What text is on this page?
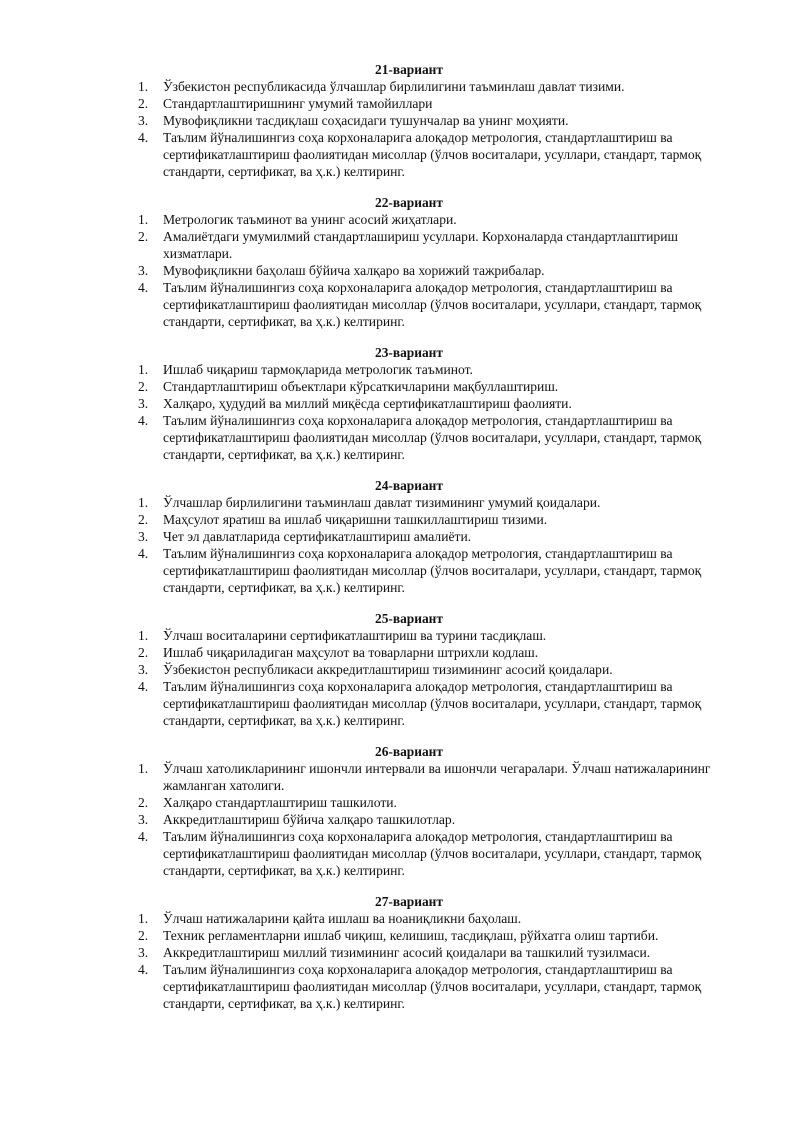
21-вариант
1. Ўзбекистон республикасида ўлчашлар бирлилигини таъминлаш давлат тизими.
2. Стандартлаштиришнинг умумий тамойиллари
3. Мувофиқликни тасдиқлаш соҳасидаги тушунчалар ва унинг моҳияти.
4. Таълим йўналишингиз соҳа корхоналарига алоқадор метрология, стандартлаштириш ва сертификатлаштириш фаолиятидан мисоллар (ўлчов воситалари, усуллари, стандарт, тармоқ стандарти, сертификат, ва ҳ.к.) келтиринг.
22-вариант
1. Метрологик таъминот ва унинг асосий жиҳатлари.
2. Амалиётдаги умумилмий стандартлашириш усуллари. Корхоналарда стандартлаштириш хизматлари.
3. Мувофиқликни баҳолаш бўйича халқаро ва хорижий тажрибалар.
4. Таълим йўналишингиз соҳа корхоналарига алоқадор метрология, стандартлаштириш ва сертификатлаштириш фаолиятидан мисоллар (ўлчов воситалари, усуллари, стандарт, тармоқ стандарти, сертификат, ва ҳ.к.) келтиринг.
23-вариант
1. Ишлаб чиқариш тармоқларида метрологик таъминот.
2. Стандартлаштириш объектлари кўрсаткичларини мақбуллаштириш.
3. Халқаро, ҳудудий ва миллий миқёсда сертификатлаштириш фаолияти.
4. Таълим йўналишингиз соҳа корхоналарига алоқадор метрология, стандартлаштириш ва сертификатлаштириш фаолиятидан мисоллар (ўлчов воситалари, усуллари, стандарт, тармоқ стандарти, сертификат, ва ҳ.к.) келтиринг.
24-вариант
1. Ўлчашлар бирлилигини таъминлаш давлат тизимининг умумий қоидалари.
2. Маҳсулот яратиш ва ишлаб чиқаришни ташкиллаштириш тизими.
3. Чет эл давлатларида сертификатлаштириш амалиёти.
4. Таълим йўналишингиз соҳа корхоналарига алоқадор метрология, стандартлаштириш ва сертификатлаштириш фаолиятидан мисоллар (ўлчов воситалари, усуллари, стандарт, тармоқ стандарти, сертификат, ва ҳ.к.) келтиринг.
25-вариант
1. Ўлчаш воситаларини сертификатлаштириш ва турини тасдиқлаш.
2. Ишлаб чиқариладиган маҳсулот ва товарларни штрихли кодлаш.
3. Ўзбекистон республикаси аккредитлаштириш тизимининг асосий қоидалари.
4. Таълим йўналишингиз соҳа корхоналарига алоқадор метрология, стандартлаштириш ва сертификатлаштириш фаолиятидан мисоллар (ўлчов воситалари, усуллари, стандарт, тармоқ стандарти, сертификат, ва ҳ.к.) келтиринг.
26-вариант
1. Ўлчаш хатоликларининг ишончли интервали ва ишончли чегаралари. Ўлчаш натижаларининг жамланган хатолиги.
2. Халқаро стандартлаштириш ташкилоти.
3. Аккредитлаштириш бўйича халқаро ташкилотлар.
4. Таълим йўналишингиз соҳа корхоналарига алоқадор метрология, стандартлаштириш ва сертификатлаштириш фаолиятидан мисоллар (ўлчов воситалари, усуллари, стандарт, тармоқ стандарти, сертификат, ва ҳ.к.) келтиринг.
27-вариант
1. Ўлчаш натижаларини қайта ишлаш ва ноаниқликни баҳолаш.
2. Техник регламентларни ишлаб чиқиш, келишиш, тасдиқлаш, рўйхатга олиш тартиби.
3. Аккредитлаштириш миллий тизимининг асосий қоидалари ва ташкилий тузилмаси.
4. Таълим йўналишингиз соҳа корхоналарига алоқадор метрология, стандартлаштириш ва сертификатлаштириш фаолиятидан мисоллар (ўлчов воситалари, усуллари, стандарт, тармоқ стандарти, сертификат, ва ҳ.к.) келтиринг.
